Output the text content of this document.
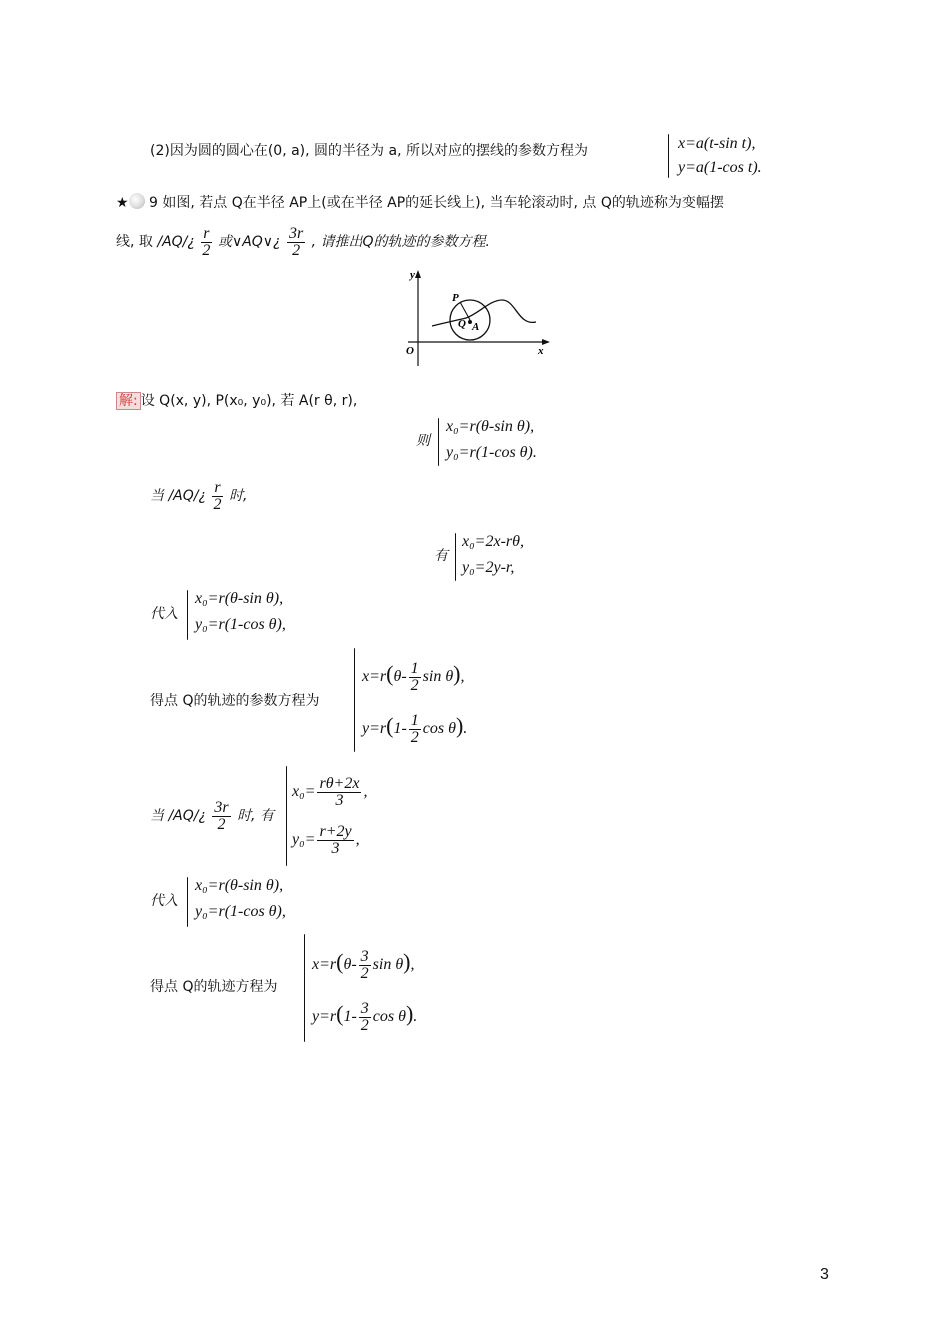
(2)因为圆的圆心在(0, a), 圆的半径为 a, 所以对应的摆线的参数方程为	x=a(t-sin t),
y=a(1-cos t).
★ 9 如图, 若点 Q在半径 AP上(或在半径 AP的延长线上), 当车轮滚动时, 点 Q的轨迹称为变幅摆
线, 取 /AQ/¿ $\frac{r}{2}$ 或∨AQ∨¿ $\frac{3r}{2}$ , 请推出Q的轨迹的参数方程.
y
x
O
P
Q A
解: 设 Q(x, y), P(x₀, y₀), 若 A(r θ, r),
则
x₀=r(θ-sin θ),
y₀=r(1-cos θ).
当 /AQ/¿ $\frac{r}{2}$ 时,
有
x₀=2x-rθ,
y₀=2y-r,
代入
x₀=r(θ-sin θ),
y₀=r(1-cos θ),
得点 Q的轨迹的参数方程为
$x=r(\theta- \frac{1}{2}$ sin θ),
$y=r(1- \frac{1}{2}$ cos θ).
当 /AQ/¿ $\frac{3r}{2}$ 时, 有
$x_0= \frac{r\theta+2x}{3}$ ,
$y_0= \frac{r+2y}{3}$ ,
代入
x₀=r(θ-sin θ),
y₀=r(1-cos θ),
得点 Q的轨迹方程为
$x=r(\theta- \frac{3}{2}$ sin θ),
$y=r(1- \frac{3}{2}$ cos θ).
3
